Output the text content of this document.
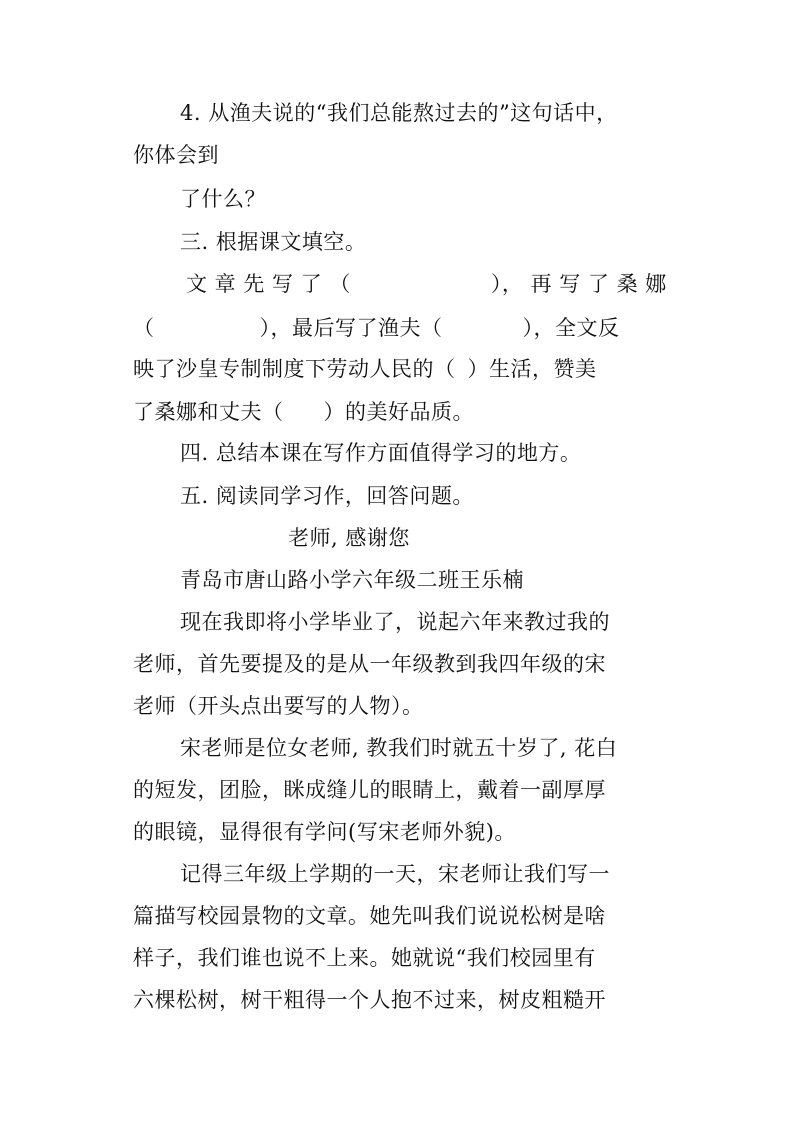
4. 从渔夫说的“我们总能熬过去的”这句话中，
你体会到
了什么？
三. 根据课文填空。
文 章 先 写 了 （	）， 再 写 了 桑 娜
（	），最后写了渔夫（	），全文反
映了沙皇专制制度下劳动人民的（ ）生活，赞美
了桑娜和丈夫（ ）的美好品质。
四. 总结本课在写作方面值得学习的地方。
五. 阅读同学习作，回答问题。
老师, 感谢您
青岛市唐山路小学六年级二班王乐楠
现在我即将小学毕业了，说起六年来教过我的
老师，首先要提及的是从一年级教到我四年级的宋
老师（开头点出要写的人物）。
宋老师是位女老师, 教我们时就五十岁了, 花白
的短发，团脸，眯成缝儿的眼睛上，戴着一副厚厚
的眼镜，显得很有学问(写宋老师外貌)。
记得三年级上学期的一天，宋老师让我们写一
篇描写校园景物的文章。她先叫我们说说松树是啥
样子，我们谁也说不上来。她就说“我们校园里有
六棵松树，树干粗得一个人抱不过来，树皮粗糙开
